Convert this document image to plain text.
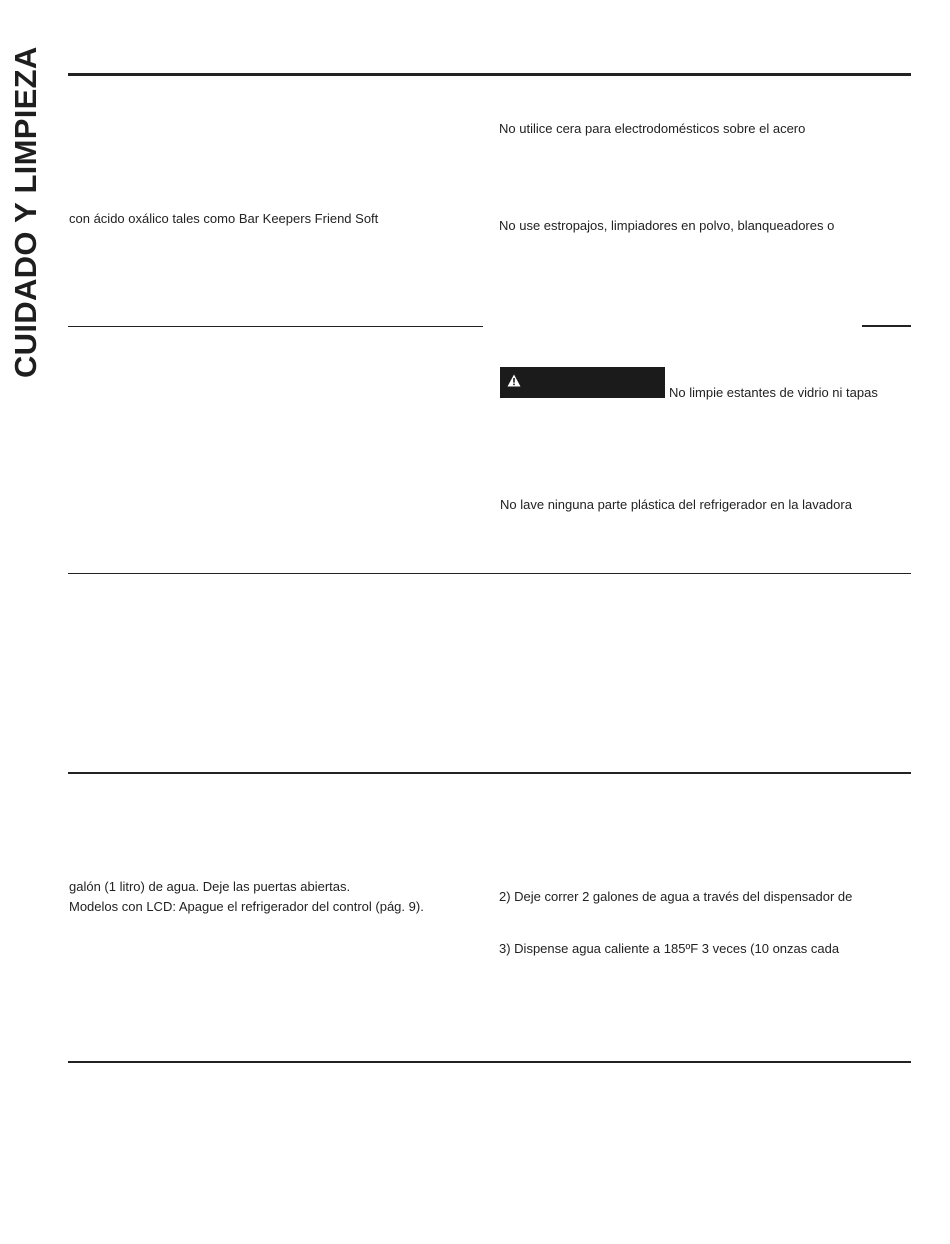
CUIDADO Y LIMPIEZA	con ácido oxálico tales como Bar Keepers Friend Soft
No utilice cera para electrodomésticos sobre el acero
No use estropajos, limpiadores en polvo, blanqueadores o
No limpie estantes de vidrio ni tapas
No lave ninguna parte plástica del refrigerador en la lavadora
galón (1 litro) de agua. Deje las puertas abiertas.
Modelos con LCD: Apague el refrigerador del control (pág. 9).
2) Deje correr 2 galones de agua a través del dispensador de
3) Dispense agua caliente a 185ºF 3 veces (10 onzas cada
